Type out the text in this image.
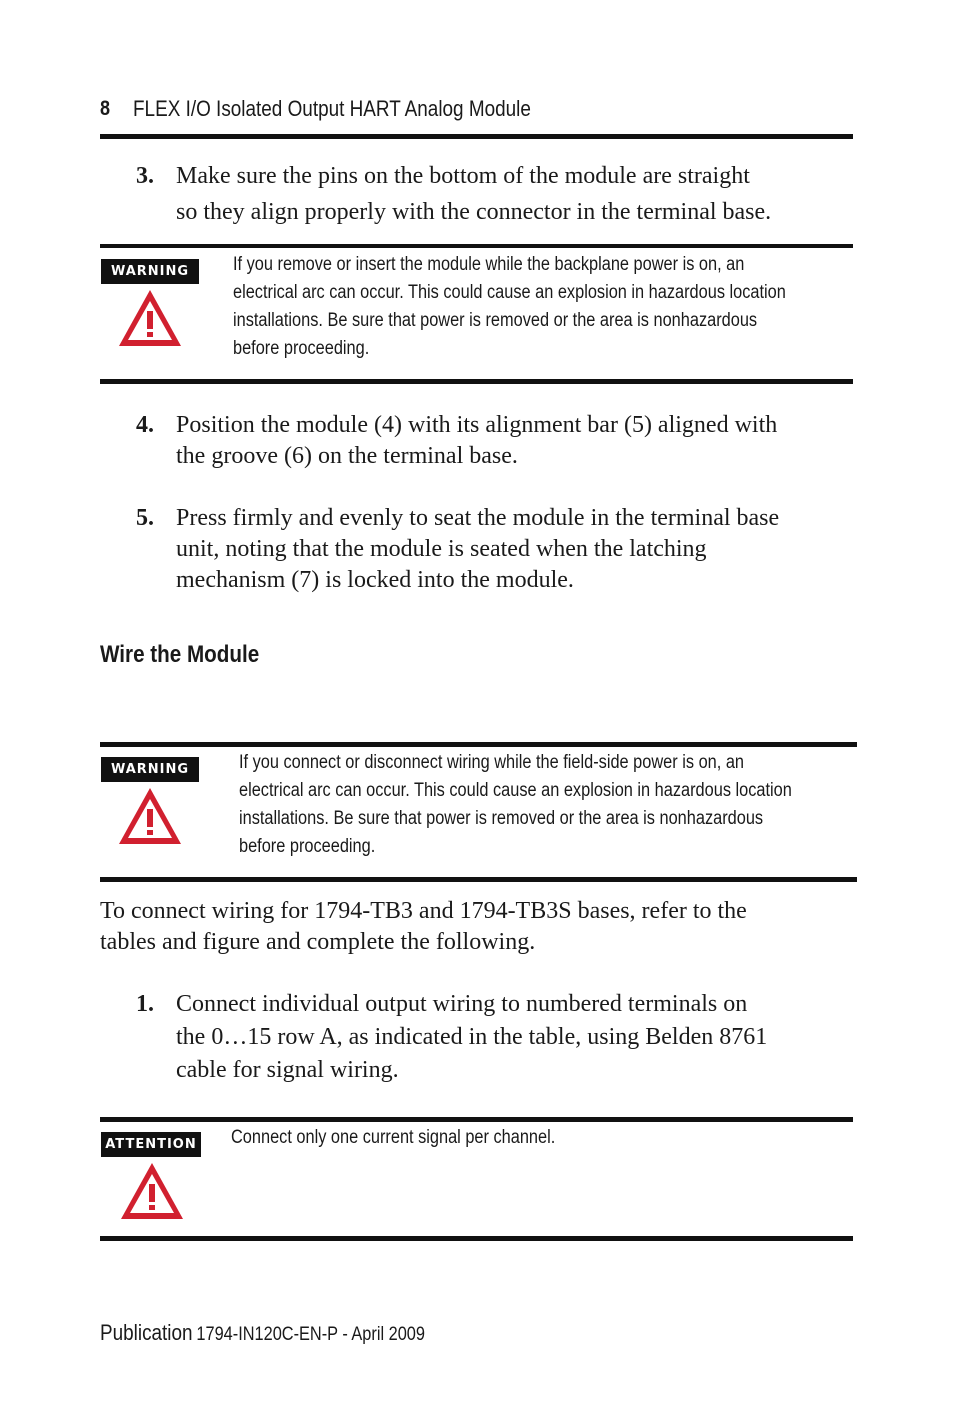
8 FLEX I/O Isolated Output HART Analog Module
3. Make sure the pins on the bottom of the module are straight
so they align properly with the connector in the terminal base.
WARNING	If you remove or insert the module while the backplane power is on, an
electrical arc can occur. This could cause an explosion in hazardous location
installations. Be sure that power is removed or the area is nonhazardous
before proceeding.
4. Position the module (4) with its alignment bar (5) aligned with
the groove (6) on the terminal base.
5. Press firmly and evenly to seat the module in the terminal base
unit, noting that the module is seated when the latching
mechanism (7) is locked into the module.
Wire the Module
WARNING	If you connect or disconnect wiring while the field-side power is on, an
electrical arc can occur. This could cause an explosion in hazardous location
installations. Be sure that power is removed or the area is nonhazardous
before proceeding.
To connect wiring for 1794-TB3 and 1794-TB3S bases, refer to the
tables and figure and complete the following.
1. Connect individual output wiring to numbered terminals on
the 0…15 row A, as indicated in the table, using Belden 8761
cable for signal wiring.
ATTENTION Connect only one current signal per channel.
Publication 1794-IN120C-EN-P - April 2009
